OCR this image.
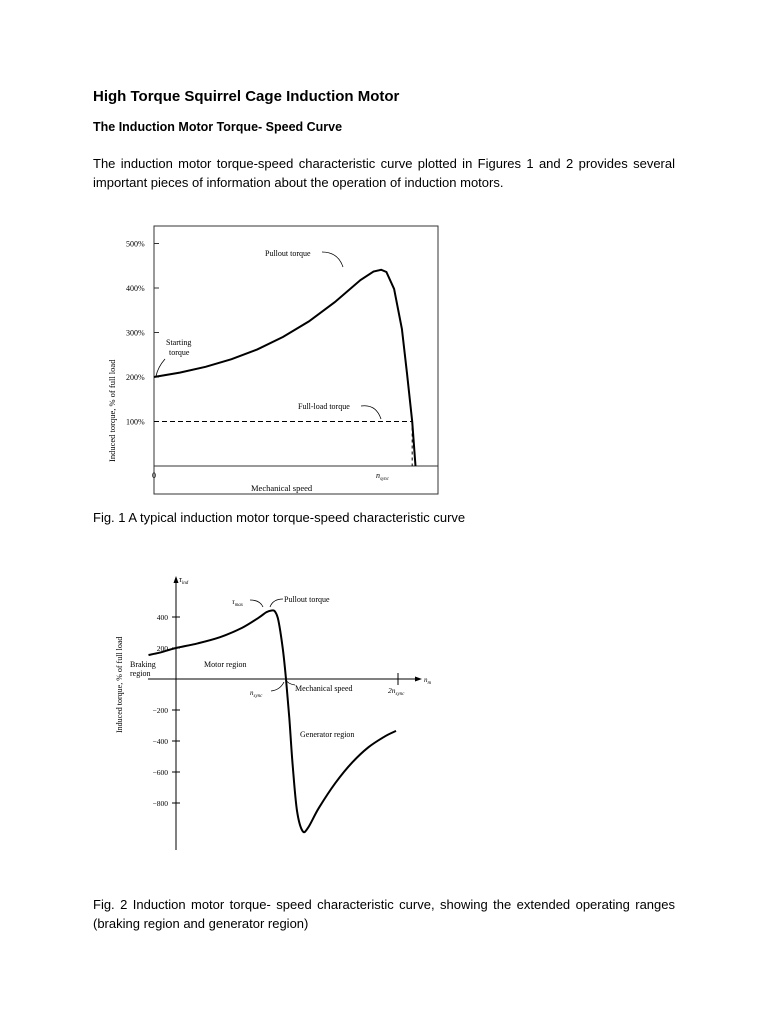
High Torque Squirrel Cage Induction Motor
The Induction Motor Torque- Speed Curve

The induction motor torque-speed characteristic curve plotted in Figures 1 and 2 provides several important pieces of information about the operation of induction motors.

500%
400%
300%
200%
100%
0	$n_{sync}$
Mechanical speed
Induced torque, % of full load
Pullout torque
Starting
torque
Full-load torque

Fig. 1 A typical induction motor torque-speed characteristic curve

400
200
−200
−400
−600
−800
$\tau_{ind}$
$n_m$
Induced torque, % of full load
$\tau_{max}$
Pullout torque
Braking
region
Motor region
$n_{sync}$
Mechanical speed	$2n_{sync}$
Generator region

Fig. 2 Induction motor torque- speed characteristic curve, showing the extended operating ranges (braking region and generator region)
